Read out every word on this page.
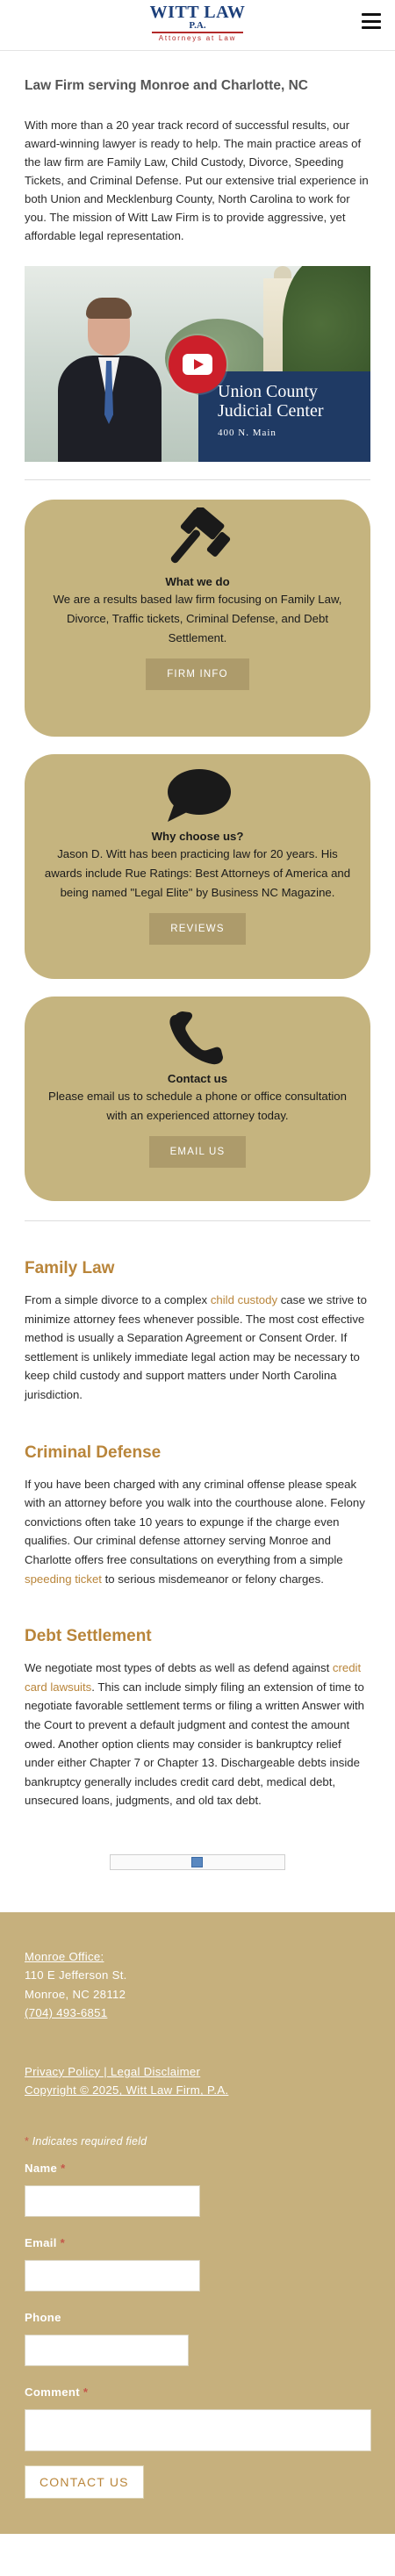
WITT LAW
P.A.
Attorneys at Law
Law Firm serving Monroe and Charlotte, NC

With more than a 20 year track record of successful results, our award-winning lawyer is ready to help. The main practice areas of the law firm are Family Law, Child Custody, Divorce, Speeding Tickets, and Criminal Defense. Put our extensive trial experience in both Union and Mecklenburg County, North Carolina to work for you. The mission of Witt Law Firm is to provide aggressive, yet affordable legal representation.

Union County
Judicial Center
400 N. Main
What we do
We are a results based law firm focusing on Family Law, Divorce, Traffic tickets, Criminal Defense, and Debt Settlement.
FIRM INFO
Why choose us?
Jason D. Witt has been practicing law for 20 years. His awards include Rue Ratings: Best Attorneys of America and being named "Legal Elite" by Business NC Magazine.
REVIEWS
Contact us
Please email us to schedule a phone or office consultation with an experienced attorney today.
EMAIL US
Family Law

From a simple divorce to a complex child custody case we strive to minimize attorney fees whenever possible. The most cost effective method is usually a Separation Agreement or Consent Order. If settlement is unlikely immediate legal action may be necessary to keep child custody and support matters under North Carolina jurisdiction.

Criminal Defense

If you have been charged with any criminal offense please speak with an attorney before you walk into the courthouse alone. Felony convictions often take 10 years to expunge if the charge even qualifies. Our criminal defense attorney serving Monroe and Charlotte offers free consultations on everything from a simple speeding ticket to serious misdemeanor or felony charges.

Debt Settlement

We negotiate most types of debts as well as defend against credit card lawsuits. This can include simply filing an extension of time to negotiate favorable settlement terms or filing a written Answer with the Court to prevent a default judgment and contest the amount owed. Another option clients may consider is bankruptcy relief under either Chapter 7 or Chapter 13. Dischargeable debts inside bankruptcy generally includes credit card debt, medical debt, unsecured loans, judgments, and old tax debt.

Monroe Office:
110 E Jefferson St.
Monroe, NC 28112
(704) 493-6851
Privacy Policy | Legal Disclaimer
Copyright © 2025, Witt Law Firm, P.A.
* Indicates required field
Name *
Email *
Phone
Comment *
CONTACT US
